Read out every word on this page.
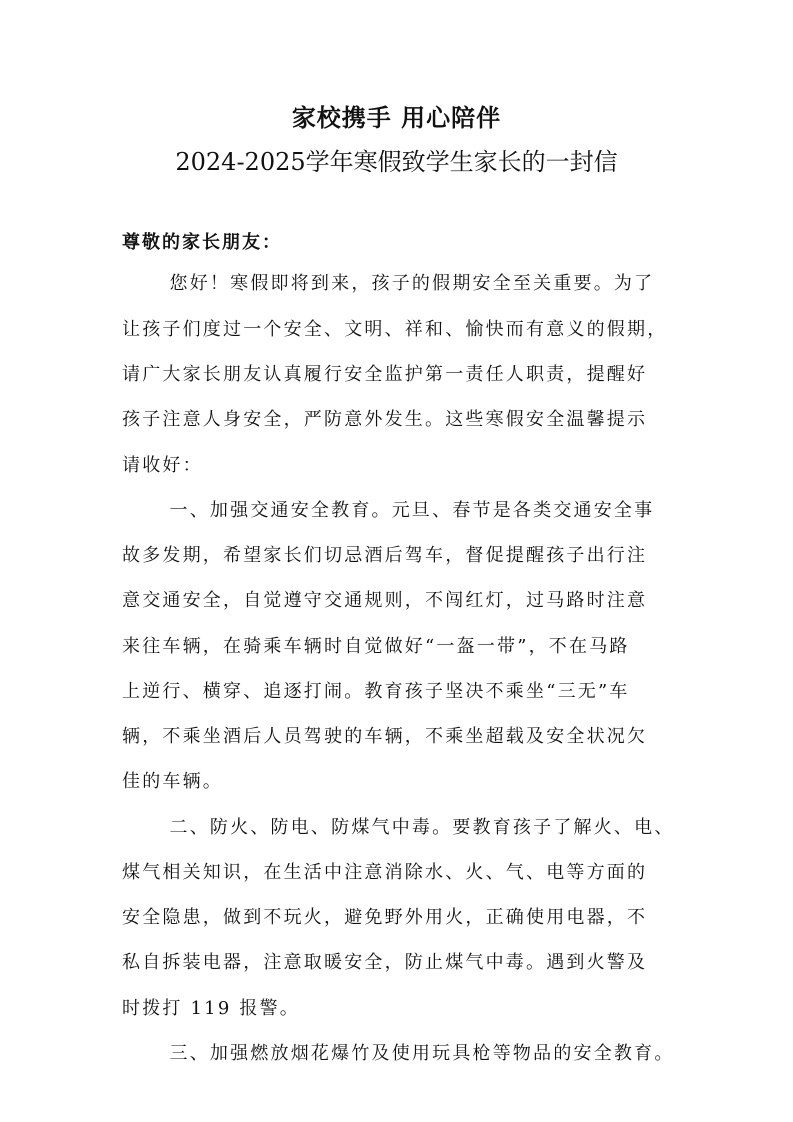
家校携手 用心陪伴
2024-2025学年寒假致学生家长的一封信
尊敬的家长朋友：
您好！寒假即将到来，孩子的假期安全至关重要。为了
让孩子们度过一个安全、文明、祥和、愉快而有意义的假期，
请广大家长朋友认真履行安全监护第一责任人职责，提醒好
孩子注意人身安全，严防意外发生。这些寒假安全温馨提示
请收好：
一、加强交通安全教育。元旦、春节是各类交通安全事
故多发期，希望家长们切忌酒后驾车，督促提醒孩子出行注
意交通安全，自觉遵守交通规则，不闯红灯，过马路时注意
来往车辆，在骑乘车辆时自觉做好“一盔一带”，不在马路
上逆行、横穿、追逐打闹。教育孩子坚决不乘坐“三无”车
辆，不乘坐酒后人员驾驶的车辆，不乘坐超载及安全状况欠
佳的车辆。
二、防火、防电、防煤气中毒。要教育孩子了解火、电、
煤气相关知识，在生活中注意消除水、火、气、电等方面的
安全隐患，做到不玩火，避免野外用火，正确使用电器，不
私自拆装电器，注意取暖安全，防止煤气中毒。遇到火警及
时拨打 119 报警。
三、加强燃放烟花爆竹及使用玩具枪等物品的安全教育。
